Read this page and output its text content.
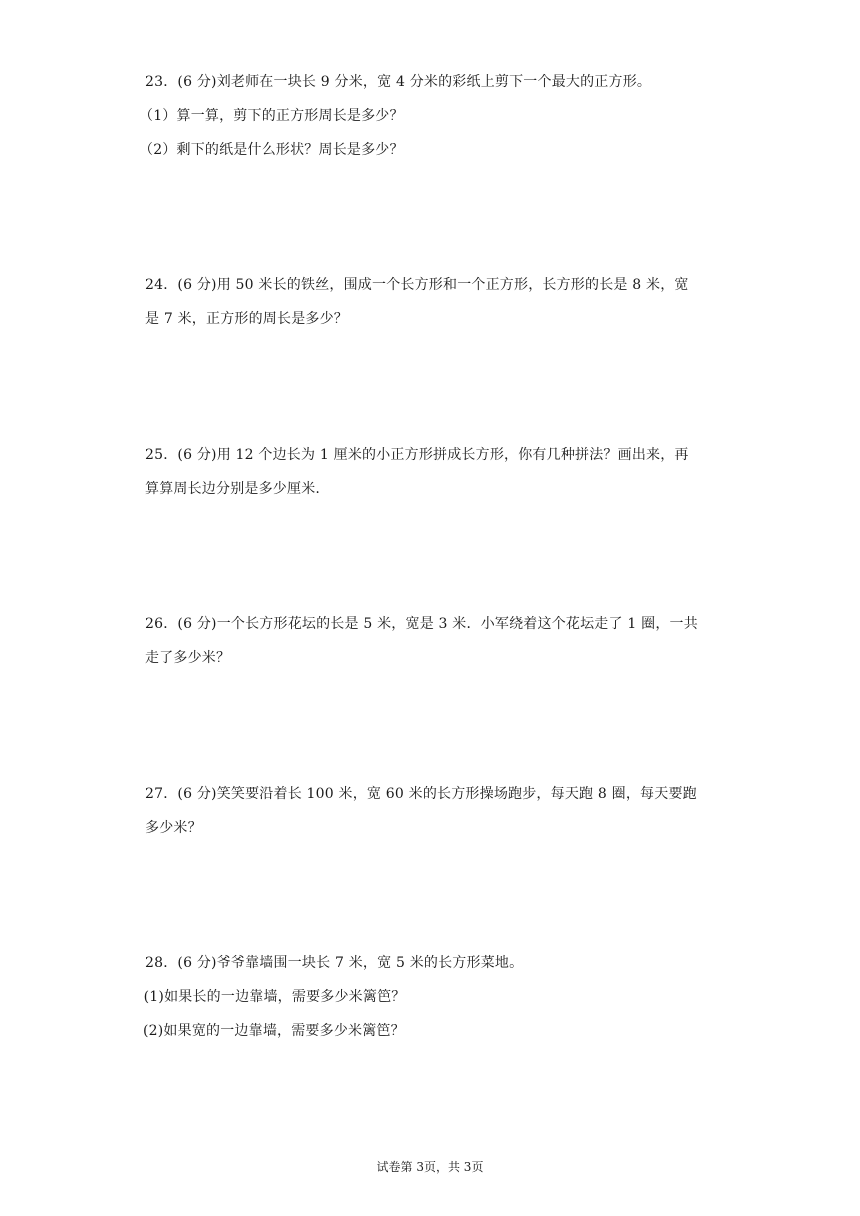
23．(6 分)刘老师在一块长 9 分米，宽 4 分米的彩纸上剪下一个最大的正方形。
（1）算一算，剪下的正方形周长是多少？
（2）剩下的纸是什么形状？周长是多少？
24．(6 分)用 50 米长的铁丝，围成一个长方形和一个正方形，长方形的长是 8 米，宽
是 7 米，正方形的周长是多少？
25．(6 分)用 12 个边长为 1 厘米的小正方形拼成长方形，你有几种拼法？画出来，再
算算周长边分别是多少厘米.
26．(6 分)一个长方形花坛的长是 5 米，宽是 3 米．小军绕着这个花坛走了 1 圈，一共
走了多少米？
27．(6 分)笑笑要沿着长 100 米，宽 60 米的长方形操场跑步，每天跑 8 圈，每天要跑
多少米？
28．(6 分)爷爷靠墙围一块长 7 米，宽 5 米的长方形菜地。
(1)如果长的一边靠墙，需要多少米篱笆？
(2)如果宽的一边靠墙，需要多少米篱笆？
试卷第 3页，共 3页
